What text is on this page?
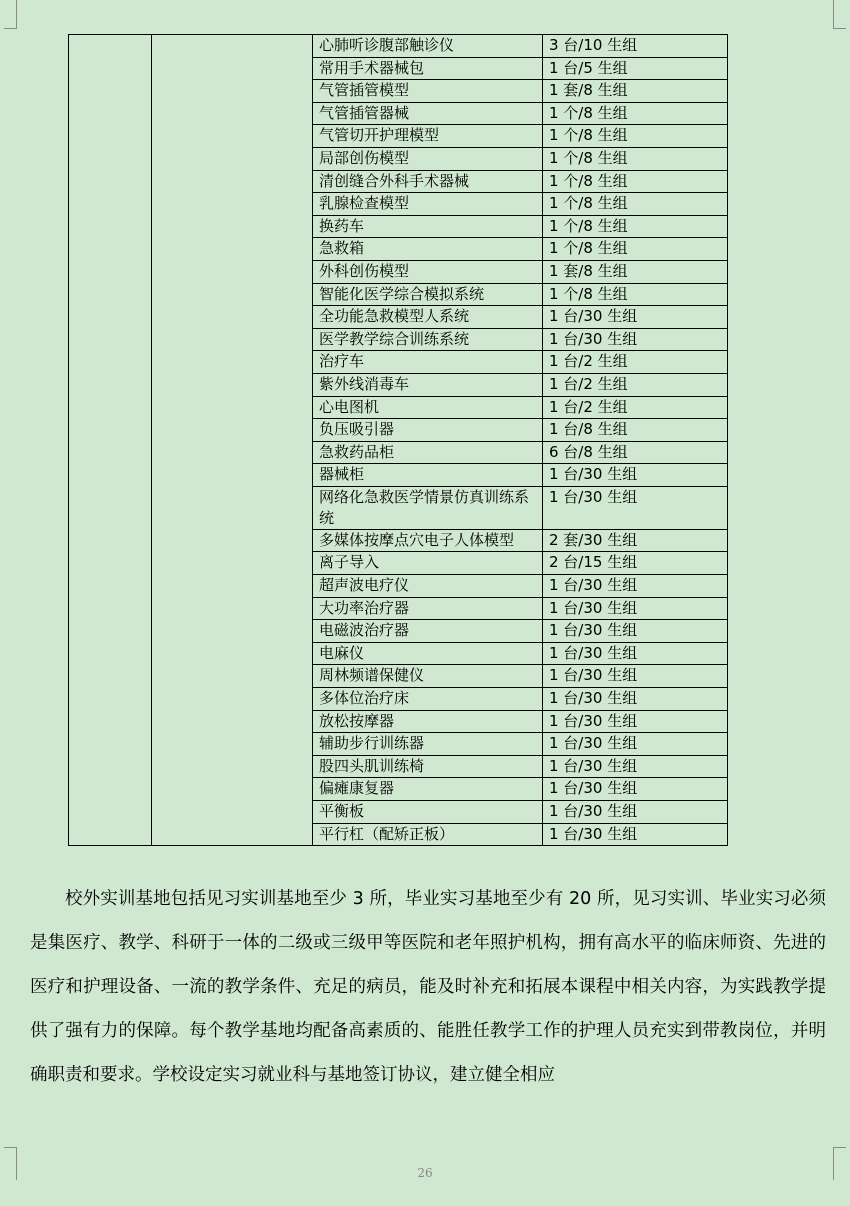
		心肺听诊腹部触诊仪	3 台/10 生组
		常用手术器械包	1 台/5 生组
		气管插管模型	1 套/8 生组
		气管插管器械	1 个/8 生组
		气管切开护理模型	1 个/8 生组
		局部创伤模型	1 个/8 生组
		清创缝合外科手术器械	1 个/8 生组
		乳腺检查模型	1 个/8 生组
		换药车	1 个/8 生组
		急救箱	1 个/8 生组
		外科创伤模型	1 套/8 生组
		智能化医学综合模拟系统	1 个/8 生组
		全功能急救模型人系统	1 台/30 生组
		医学教学综合训练系统	1 台/30 生组
		治疗车	1 台/2 生组
		紫外线消毒车	1 台/2 生组
		心电图机	1 台/2 生组
		负压吸引器	1 台/8 生组
		急救药品柜	6 台/8 生组
		器械柜	1 台/30 生组
		网络化急救医学情景仿真训练系统	1 台/30 生组
		多媒体按摩点穴电子人体模型	2 套/30 生组
		离子导入	2 台/15 生组
		超声波电疗仪	1 台/30 生组
		大功率治疗器	1 台/30 生组
		电磁波治疗器	1 台/30 生组
		电麻仪	1 台/30 生组
		周林频谱保健仪	1 台/30 生组
		多体位治疗床	1 台/30 生组
		放松按摩器	1 台/30 生组
		辅助步行训练器	1 台/30 生组
		股四头肌训练椅	1 台/30 生组
		偏瘫康复器	1 台/30 生组
		平衡板	1 台/30 生组
		平行杠（配矫正板）	1 台/30 生组
校外实训基地包括见习实训基地至少 3 所，毕业实习基地至少有 20 所，见习实训、毕业实习必须是集医疗、教学、科研于一体的二级或三级甲等医院和老年照护机构，拥有高水平的临床师资、先进的医疗和护理设备、一流的教学条件、充足的病员，能及时补充和拓展本课程中相关内容，为实践教学提供了强有力的保障。每个教学基地均配备高素质的、能胜任教学工作的护理人员充实到带教岗位，并明确职责和要求。学校设定实习就业科与基地签订协议，建立健全相应
26
